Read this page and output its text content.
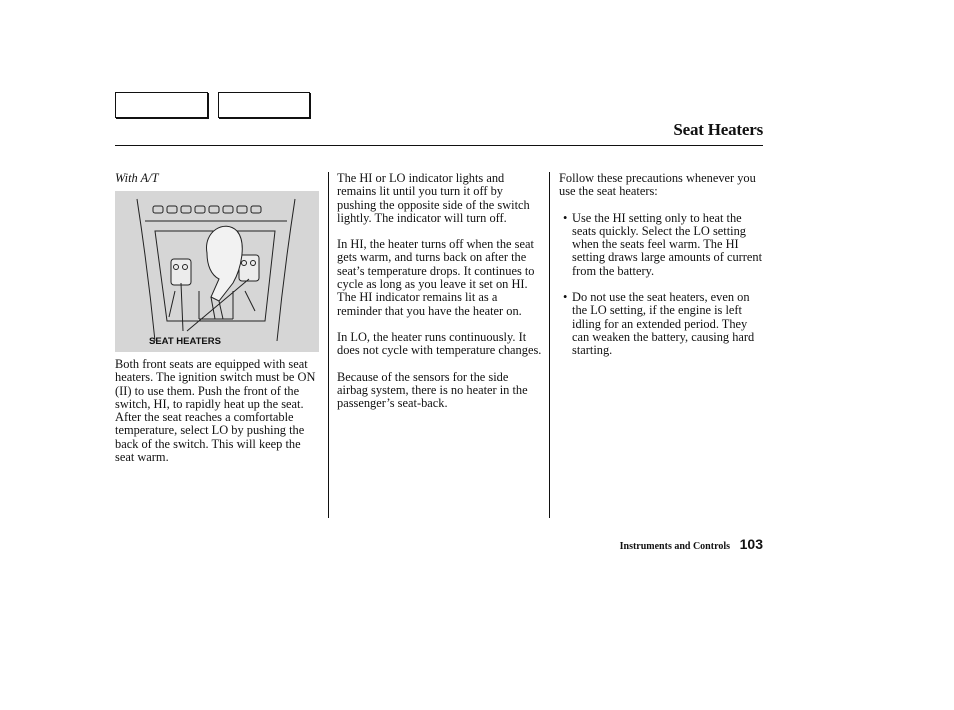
Seat Heaters

With A/T

SEAT HEATERS

Both front seats are equipped with seat heaters. The ignition switch must be ON (II) to use them. Push the front of the switch, HI, to rapidly heat up the seat. After the seat reaches a comfortable temperature, select LO by pushing the back of the switch. This will keep the seat warm.

The HI or LO indicator lights and remains lit until you turn it off by pushing the opposite side of the switch lightly. The indicator will turn off.

In HI, the heater turns off when the seat gets warm, and turns back on after the seat’s temperature drops. It continues to cycle as long as you leave it set on HI. The HI indicator remains lit as a reminder that you have the heater on.

In LO, the heater runs continuously. It does not cycle with temperature changes.

Because of the sensors for the side airbag system, there is no heater in the passenger’s seat-back.

Follow these precautions whenever you use the seat heaters:

• Use the HI setting only to heat the seats quickly. Select the LO setting when the seats feel warm. The HI setting draws large amounts of current from the battery.
• Do not use the seat heaters, even on the LO setting, if the engine is left idling for an extended period. They can weaken the battery, causing hard starting.
Instruments and Controls 103
